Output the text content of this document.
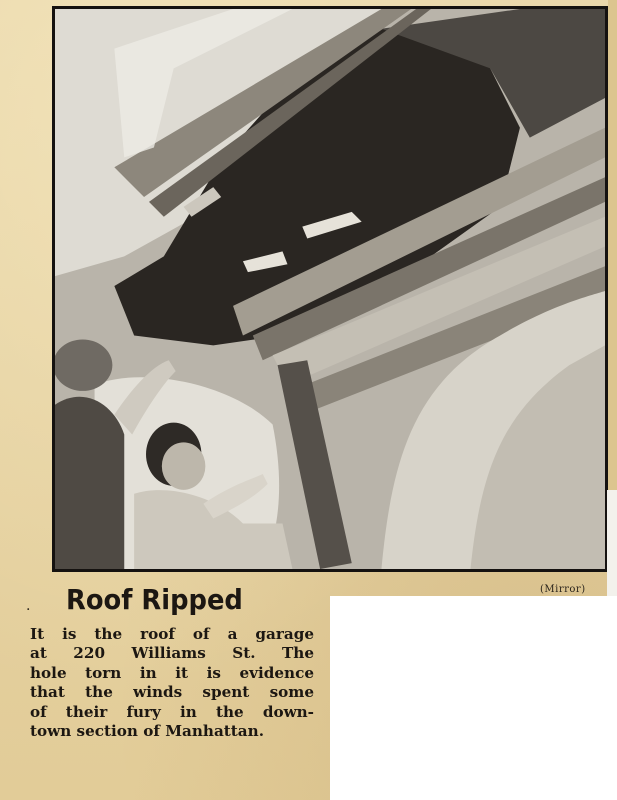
(Mirror)
. Roof Ripped
It is the roof of a garage
at 220 Williams St. The
hole torn in it is evidence
that the winds spent some
of their fury in the down-
town section of Manhattan.
